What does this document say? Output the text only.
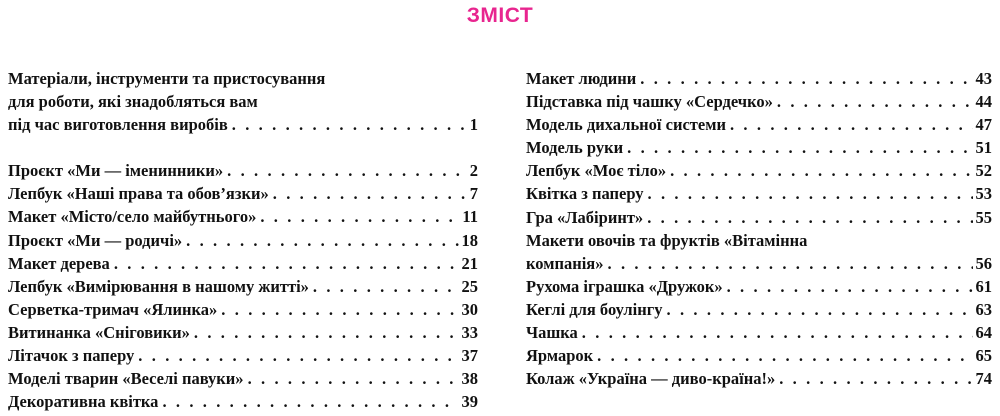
ЗМІСТ
Матеріали, інструменти та пристосування
для роботи, які знадобляться вам
під час виготовлення виробів . . .	1
Проєкт «Ми — іменинники» . . .	2
Лепбук «Наші права та обов’язки» . . .	7
Макет «Місто/село майбутнього» . . .	11
Проєкт «Ми — родичі» . . .	18
Макет дерева . . .	21
Лепбук «Вимірювання в нашому житті» . . .	25
Серветка-тримач «Ялинка» . . .	30
Витинанка «Сніговики» . . .	33
Літачок з паперу . . .	37
Моделі тварин «Веселі павуки» . . .	38
Декоративна квітка . . .	39
Макет людини . . .	43
Підставка під чашку «Сердечко» . . .	44
Модель дихальної системи . . .	47
Модель руки . . .	51
Лепбук «Моє тіло» . . .	52
Квітка з паперу . . .	53
Гра «Лабіринт» . . .	55
Макети овочів та фруктів «Вітамінна
компанія» . . .	56
Рухома іграшка «Дружок» . . .	61
Кеглі для боулінгу . . .	63
Чашка . . .	64
Ярмарок . . .	65
Колаж «Україна — диво-країна!» . . .	74
